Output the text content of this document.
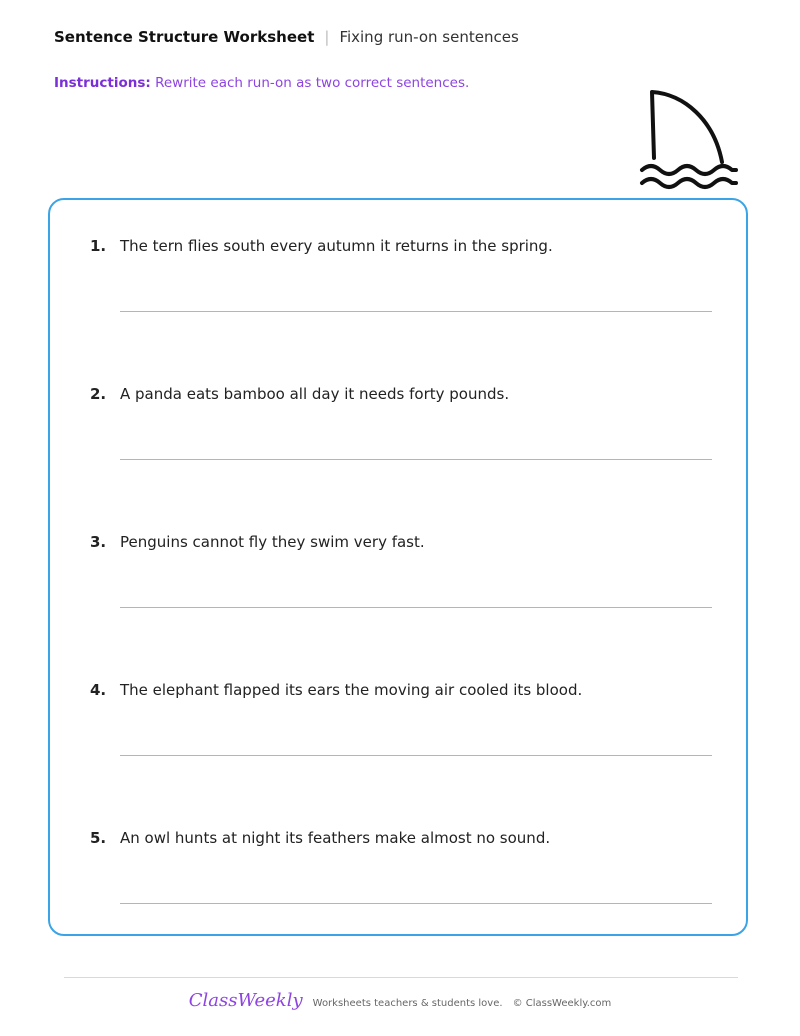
Sentence Structure Worksheet | Fixing run-on sentences
Instructions: Rewrite each run-on as two correct sentences.
1. The tern flies south every autumn it returns in the spring.
2. A panda eats bamboo all day it needs forty pounds.
3. Penguins cannot fly they swim very fast.
4. The elephant flapped its ears the moving air cooled its blood.
5. An owl hunts at night its feathers make almost no sound.
ClassWeekly Worksheets teachers & students love. © ClassWeekly.com
